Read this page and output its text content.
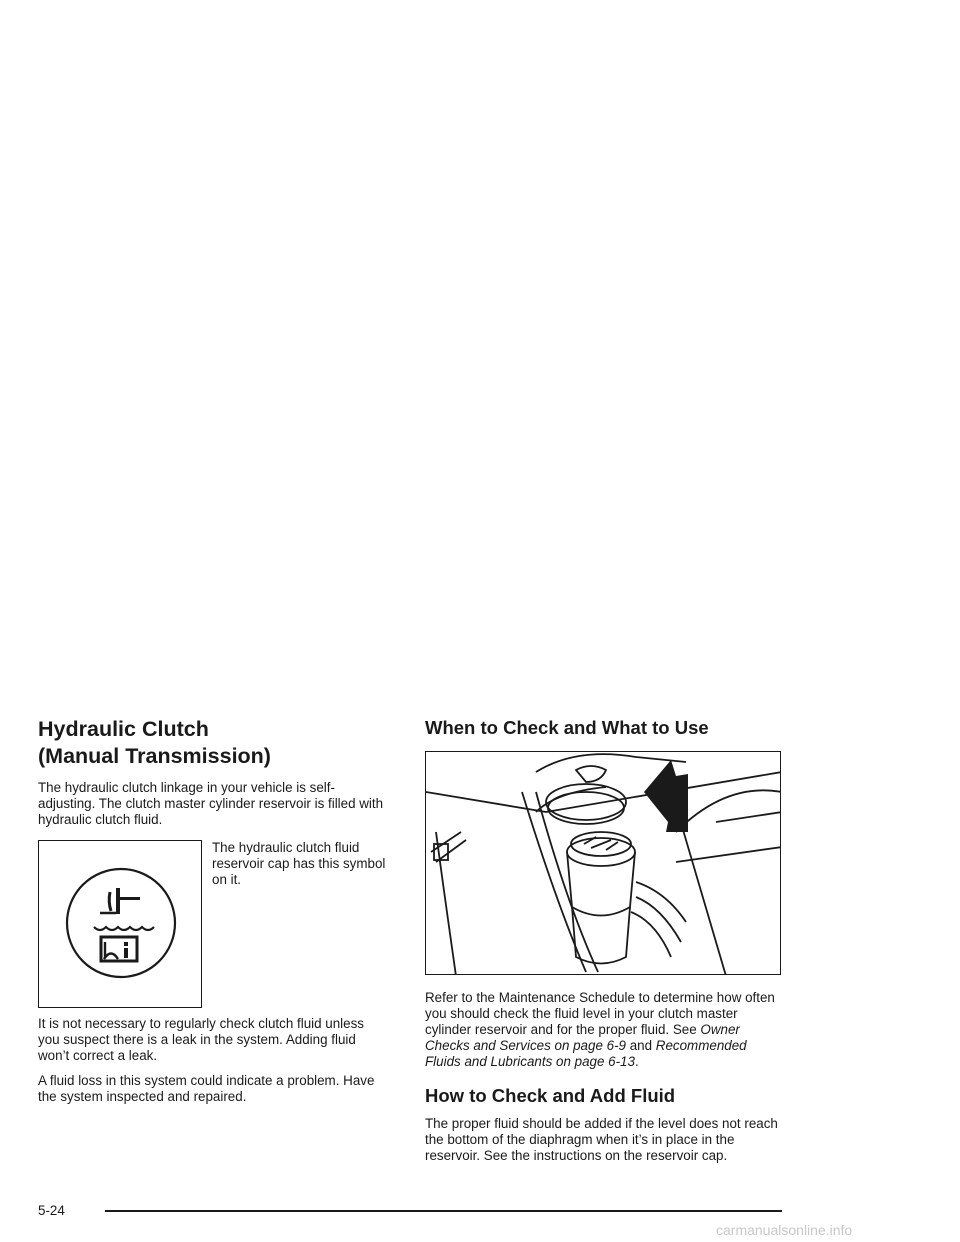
Hydraulic Clutch
(Manual Transmission)

The hydraulic clutch linkage in your vehicle is self-adjusting. The clutch master cylinder reservoir is filled with hydraulic clutch fluid.

The hydraulic clutch fluid reservoir cap has this symbol on it.

It is not necessary to regularly check clutch fluid unless you suspect there is a leak in the system. Adding fluid won’t correct a leak.

A fluid loss in this system could indicate a problem. Have the system inspected and repaired.

When to Check and What to Use

Refer to the Maintenance Schedule to determine how often you should check the fluid level in your clutch master cylinder reservoir and for the proper fluid. See Owner Checks and Services on page 6-9 and Recommended Fluids and Lubricants on page 6-13.

How to Check and Add Fluid

The proper fluid should be added if the level does not reach the bottom of the diaphragm when it’s in place in the reservoir. See the instructions on the reservoir cap.

5-24
carmanualsonline.info
